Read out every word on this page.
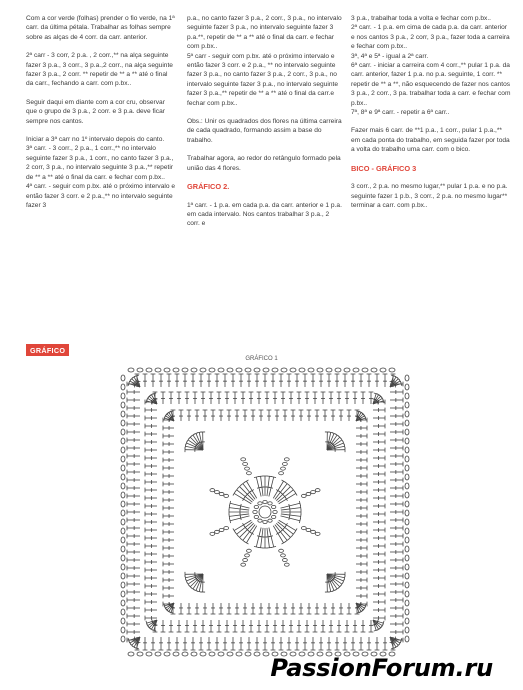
Com a cor verde (folhas) prender o fio verde, na 1ª carr. da última pétala. Trabalhar as folhas sempre sobre as alças de 4 corr. da carr. anterior.

2ª carr - 3 corr, 2 p.a. , 2 corr.,** na alça seguinte fazer 3 p.a., 3 corr., 3 p.a.,2 corr., na alça seguinte fazer 3 p.a., 2 corr. ** repetir de ** a ** até o final da carr., fechando a carr. com p.bx..

Seguir daqui em diante com a cor cru, observar que o grupo de 3 p.a., 2 corr. e 3 p.a. deve ficar sempre nos cantos.

Iniciar a 3ª carr no 1º intervalo depois do canto.
3ª carr. - 3 corr., 2 p.a., 1 corr.,** no intervalo seguinte fazer 3 p.a., 1 corr., no canto fazer 3 p.a., 2 corr, 3 p.a., no intervalo seguinte 3 p.a.,** repetir de ** a ** até o final da carr. e fechar com p.bx..
4ª carr. - seguir com p.bx. até o próximo intervalo e então fazer 3 corr. e 2 p.a.,** no intervalo seguinte fazer 3

p.a., no canto fazer 3 p.a., 2 corr., 3 p.a., no intervalo seguinte fazer 3 p.a., no intervalo seguinte fazer 3 p.a.**, repetir de ** a ** até o final da carr. e fechar com p.bx..
5ª carr - seguir com p.bx. até o próximo intervalo e então fazer 3 corr. e 2 p.a., ** no intervalo seguinte fazer 3 p.a., no canto fazer 3 p.a., 2 corr., 3 p.a., no intervalo seguinte fazer 3 p.a., no intervalo seguinte fazer 3 p.a.,** repetir de ** a ** até o final da carr.e fechar com p.bx..

Obs.: Unir os quadrados dos flores na última carreira de cada quadrado, formando assim a base do trabalho.

Trabalhar agora, ao redor do retângulo formado pela união das 4 flores.

GRÁFICO 2.

1ª carr. - 1 p.a. em cada p.a. da carr. anterior e 1 p.a. em cada intervalo. Nos cantos trabalhar 3 p.a., 2 corr. e

3 p.a., trabalhar toda a volta e fechar com p.bx..
2ª carr. - 1 p.a. em cima de cada p.a. da carr. anterior e nos cantos 3 p.a., 2 corr, 3 p.a., fazer toda a carreira e fechar com p.bx..
3ª, 4ª e 5ª - igual a 2ª carr.
6ª carr. - iniciar a carreira com 4 corr.,** pular 1 p.a. da carr. anterior, fazer 1 p.a. no p.a. seguinte, 1 corr. ** repetir de ** a **, não esquecendo de fazer nos cantos 3 p.a., 2 corr., 3 pa. trabalhar toda a carr. e fechar com p.bx..
7ª, 8ª e 9ª carr. - repetir a 6ª carr..

Fazer mais 6 carr. de **1 p.a., 1 corr., pular 1 p.a.,** em cada ponta do trabalho, em seguida fazer por toda a volta do trabalho uma carr. com o bico.

BICO - GRÁFICO 3

3 corr., 2 p.a. no mesmo lugar,** pular 1 p.a. e no p.a. seguinte fazer 1 p.b., 3 corr., 2 p.a. no mesmo lugar** terminar a carr. com p.bx..

GRÁFICO
GRÁFICO 1
PassionForum.ru
